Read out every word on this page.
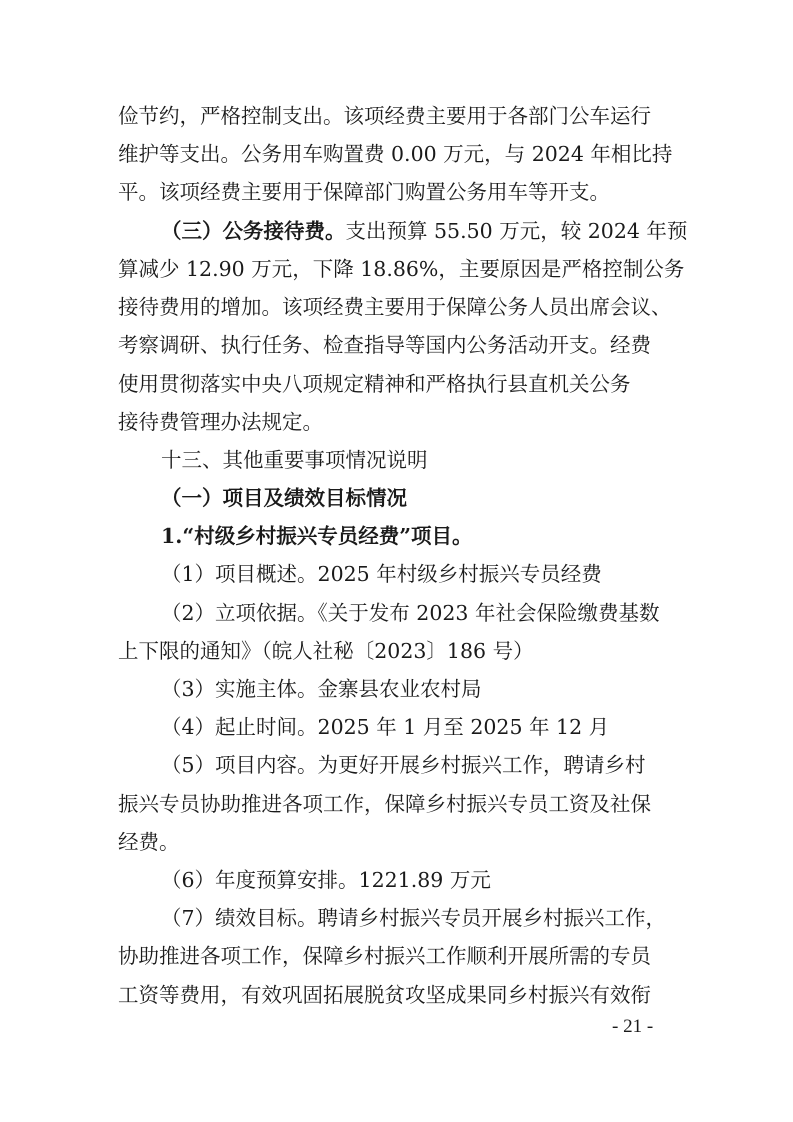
俭节约，严格控制支出。该项经费主要用于各部门公车运行
维护等支出。公务用车购置费 0.00 万元，与 2024 年相比持
平。该项经费主要用于保障部门购置公务用车等开支。
（三）公务接待费。支出预算 55.50 万元，较 2024 年预
算减少 12.90 万元，下降 18.86%，主要原因是严格控制公务
接待费用的增加。该项经费主要用于保障公务人员出席会议、
考察调研、执行任务、检查指导等国内公务活动开支。经费
使用贯彻落实中央八项规定精神和严格执行县直机关公务
接待费管理办法规定。
十三、其他重要事项情况说明
（一）项目及绩效目标情况
1.“村级乡村振兴专员经费”项目。
（1）项目概述。2025 年村级乡村振兴专员经费
（2）立项依据。《关于发布 2023 年社会保险缴费基数
上下限的通知》（皖人社秘〔2023〕186 号）
（3）实施主体。金寨县农业农村局
（4）起止时间。2025 年 1 月至 2025 年 12 月
（5）项目内容。为更好开展乡村振兴工作，聘请乡村
振兴专员协助推进各项工作，保障乡村振兴专员工资及社保
经费。
（6）年度预算安排。1221.89 万元
（7）绩效目标。聘请乡村振兴专员开展乡村振兴工作，
协助推进各项工作，保障乡村振兴工作顺利开展所需的专员
工资等费用，有效巩固拓展脱贫攻坚成果同乡村振兴有效衔
- 21 -
